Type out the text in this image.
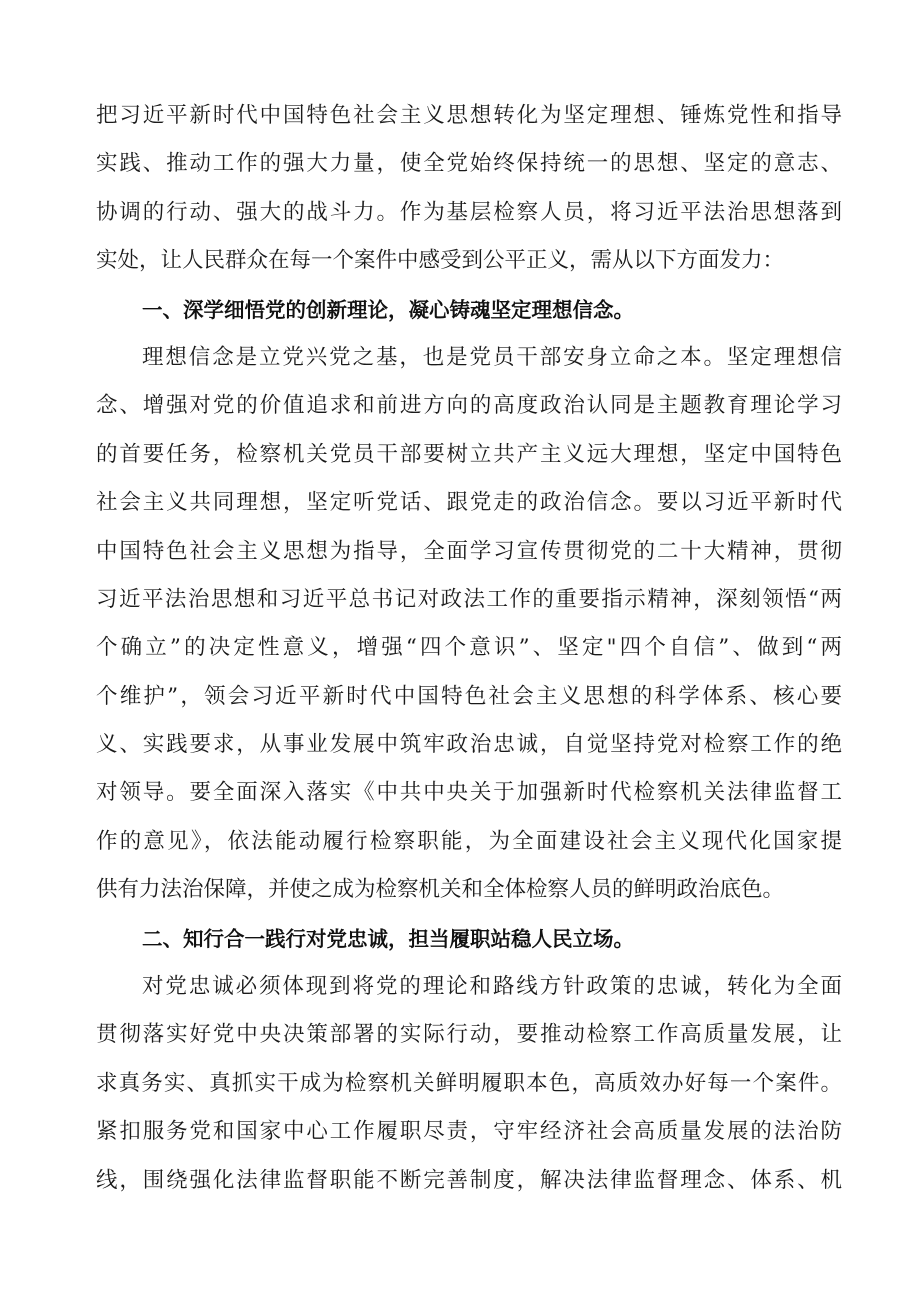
把习近平新时代中国特色社会主义思想转化为坚定理想、锤炼党性和指导
实践、推动工作的强大力量，使全党始终保持统一的思想、坚定的意志、
协调的行动、强大的战斗力。作为基层检察人员，将习近平法治思想落到
实处，让人民群众在每一个案件中感受到公平正义，需从以下方面发力：
一、深学细悟党的创新理论，凝心铸魂坚定理想信念。
理想信念是立党兴党之基，也是党员干部安身立命之本。坚定理想信
念、增强对党的价值追求和前进方向的高度政治认同是主题教育理论学习
的首要任务，检察机关党员干部要树立共产主义远大理想，坚定中国特色
社会主义共同理想，坚定听党话、跟党走的政治信念。要以习近平新时代
中国特色社会主义思想为指导，全面学习宣传贯彻党的二十大精神，贯彻
习近平法治思想和习近平总书记对政法工作的重要指示精神，深刻领悟“两
个确立”的决定性意义，增强“四个意识”、坚定"四个自信”、做到“两
个维护”，领会习近平新时代中国特色社会主义思想的科学体系、核心要
义、实践要求，从事业发展中筑牢政治忠诚，自觉坚持党对检察工作的绝
对领导。要全面深入落实《中共中央关于加强新时代检察机关法律监督工
作的意见》，依法能动履行检察职能，为全面建设社会主义现代化国家提
供有力法治保障，并使之成为检察机关和全体检察人员的鲜明政治底色。
二、知行合一践行对党忠诚，担当履职站稳人民立场。
对党忠诚必须体现到将党的理论和路线方针政策的忠诚，转化为全面
贯彻落实好党中央决策部署的实际行动，要推动检察工作高质量发展，让
求真务实、真抓实干成为检察机关鲜明履职本色，高质效办好每一个案件。
紧扣服务党和国家中心工作履职尽责，守牢经济社会高质量发展的法治防
线，围绕强化法律监督职能不断完善制度，解决法律监督理念、体系、机
